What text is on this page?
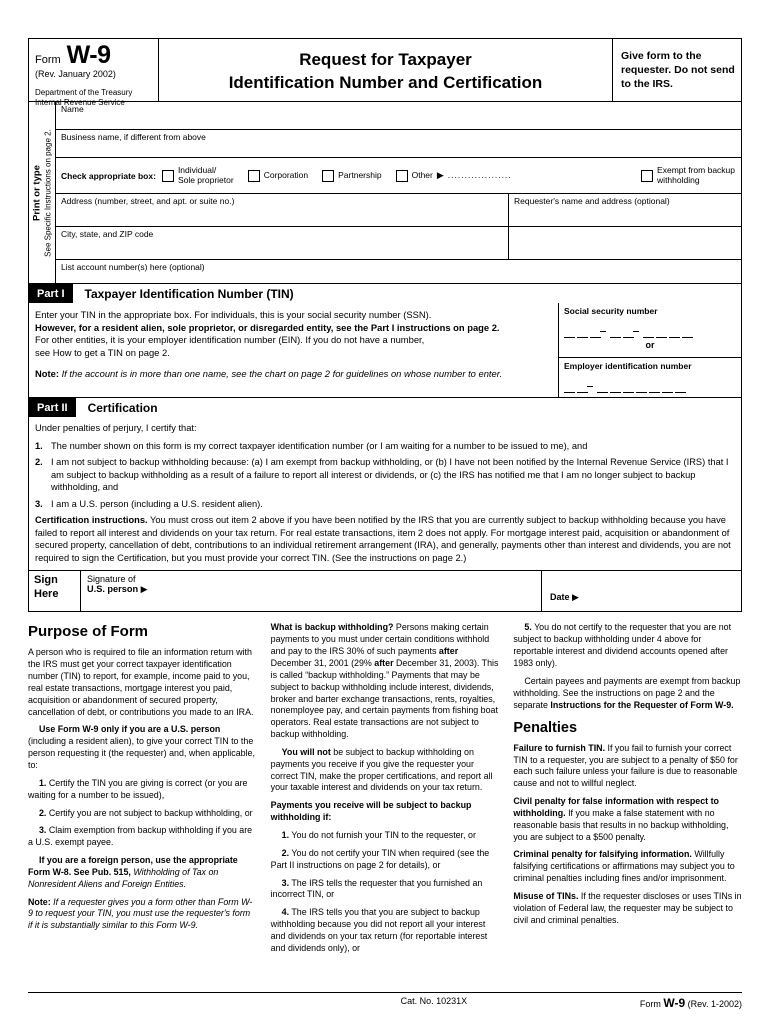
Form W-9
(Rev. January 2002)
Department of the Treasury
Internal Revenue Service
Request for Taxpayer
Identification Number and Certification
Give form to the requester. Do not send to the IRS.
Print or type See Specific Instructions on page 2.
Name
Business name, if different from above
Check appropriate box:
Individual/
Sole proprietor	Corporation	Partnership	Other ▶ ...................	Exempt from backup
withholding
Address (number, street, and apt. or suite no.)	Requester's name and address (optional)
City, state, and ZIP code
List account number(s) here (optional)
Part I	Taxpayer Identification Number (TIN)
Enter your TIN in the appropriate box. For individuals, this is your social security number (SSN).
However, for a resident alien, sole proprietor, or disregarded entity, see the Part I instructions on page 2.
For other entities, it is your employer identification number (EIN). If you do not have a number,
see How to get a TIN on page 2.
Note: If the account is in more than one name, see the chart on page 2 for guidelines on whose number to enter.
Social security number
or
Employer identification number
Part II	Certification

Under penalties of perjury, I certify that:

1. The number shown on this form is my correct taxpayer identification number (or I am waiting for a number to be issued to me), and
2. I am not subject to backup withholding because: (a) I am exempt from backup withholding, or (b) I have not been notified by the Internal Revenue Service (IRS) that I am subject to backup withholding as a result of a failure to report all interest or dividends, or (c) the IRS has notified me that I am no longer subject to backup withholding, and
3. I am a U.S. person (including a U.S. resident alien).

Certification instructions. You must cross out item 2 above if you have been notified by the IRS that you are currently subject to backup withholding because you have failed to report all interest and dividends on your tax return. For real estate transactions, item 2 does not apply. For mortgage interest paid, acquisition or abandonment of secured property, cancellation of debt, contributions to an individual retirement arrangement (IRA), and generally, payments other than interest and dividends, you are not required to sign the Certification, but you must provide your correct TIN. (See the instructions on page 2.)

Sign
Here
Signature of
U.S. person ▶
Date ▶
Purpose of Form

A person who is required to file an information return with the IRS must get your correct taxpayer identification number (TIN) to report, for example, income paid to you, real estate transactions, mortgage interest you paid, acquisition or abandonment of secured property, cancellation of debt, or contributions you made to an IRA.

Use Form W-9 only if you are a U.S. person (including a resident alien), to give your correct TIN to the person requesting it (the requester) and, when applicable, to:

1. Certify the TIN you are giving is correct (or you are waiting for a number to be issued),

2. Certify you are not subject to backup withholding, or

3. Claim exemption from backup withholding if you are a U.S. exempt payee.

If you are a foreign person, use the appropriate Form W-8. See Pub. 515, Withholding of Tax on Nonresident Aliens and Foreign Entities.

Note: If a requester gives you a form other than Form W-9 to request your TIN, you must use the requester's form if it is substantially similar to this Form W-9.

What is backup withholding? Persons making certain payments to you must under certain conditions withhold and pay to the IRS 30% of such payments after December 31, 2001 (29% after December 31, 2003). This is called “backup withholding.” Payments that may be subject to backup withholding include interest, dividends, broker and barter exchange transactions, rents, royalties, nonemployee pay, and certain payments from fishing boat operators. Real estate transactions are not subject to backup withholding.

You will not be subject to backup withholding on payments you receive if you give the requester your correct TIN, make the proper certifications, and report all your taxable interest and dividends on your tax return.

Payments you receive will be subject to backup withholding if:

1. You do not furnish your TIN to the requester, or

2. You do not certify your TIN when required (see the Part II instructions on page 2 for details), or

3. The IRS tells the requester that you furnished an incorrect TIN, or

4. The IRS tells you that you are subject to backup withholding because you did not report all your interest and dividends on your tax return (for reportable interest and dividends only), or

5. You do not certify to the requester that you are not subject to backup withholding under 4 above for reportable interest and dividend accounts opened after 1983 only).

Certain payees and payments are exempt from backup withholding. See the instructions on page 2 and the separate Instructions for the Requester of Form W-9.

Penalties

Failure to furnish TIN. If you fail to furnish your correct TIN to a requester, you are subject to a penalty of $50 for each such failure unless your failure is due to reasonable cause and not to willful neglect.

Civil penalty for false information with respect to withholding. If you make a false statement with no reasonable basis that results in no backup withholding, you are subject to a $500 penalty.

Criminal penalty for falsifying information. Willfully falsifying certifications or affirmations may subject you to criminal penalties including fines and/or imprisonment.

Misuse of TINs. If the requester discloses or uses TINs in violation of Federal law, the requester may be subject to civil and criminal penalties.

Cat. No. 10231X	Form W-9 (Rev. 1-2002)
